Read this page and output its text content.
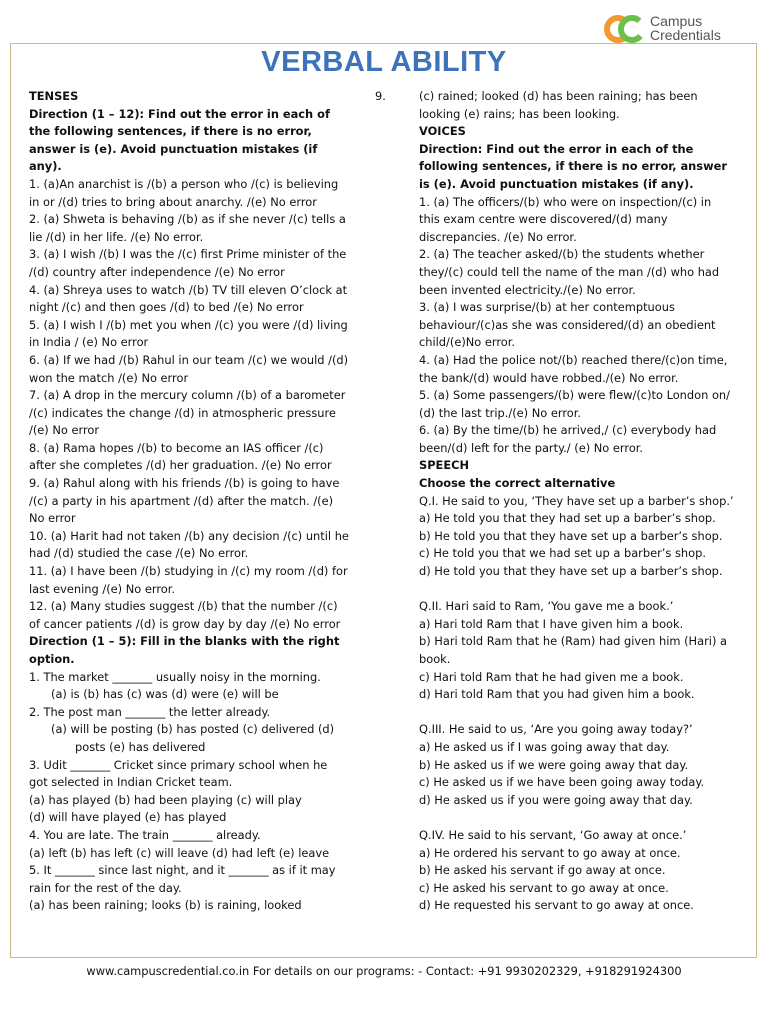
Campus
Credentials
VERBAL ABILITY

TENSES

Direction (1 – 12): Find out the error in each of the following sentences, if there is no error, answer is (e). Avoid punctuation mistakes (if any).

1. (a)An anarchist is /(b) a person who /(c) is believing in or /(d) tries to bring about anarchy. /(e) No error

2. (a) Shweta is behaving /(b) as if she never /(c) tells a lie /(d) in her life. /(e) No error.

3. (a) I wish /(b) I was the /(c) first Prime minister of the /(d) country after independence /(e) No error

4. (a) Shreya uses to watch /(b) TV till eleven O’clock at night /(c) and then goes /(d) to bed /(e) No error

5. (a) I wish I /(b) met you when /(c) you were /(d) living in India / (e) No error

6. (a) If we had /(b) Rahul in our team /(c) we would /(d) won the match /(e) No error

7. (a) A drop in the mercury column /(b) of a barometer /(c) indicates the change /(d) in atmospheric pressure /(e) No error

8. (a) Rama hopes /(b) to become an IAS officer /(c) after she completes /(d) her graduation. /(e) No error

9. (a) Rahul along with his friends /(b) is going to have /(c) a party in his apartment /(d) after the match. /(e) No error

10. (a) Harit had not taken /(b) any decision /(c) until he had /(d) studied the case /(e) No error.

11. (a) I have been /(b) studying in /(c) my room /(d) for last evening /(e) No error.

12. (a) Many studies suggest /(b) that the number /(c) of cancer patients /(d) is grow day by day /(e) No error

Direction (1 – 5): Fill in the blanks with the right option.

1. The market _______ usually noisy in the morning.

(a) is (b) has (c) was (d) were (e) will be

2. The post man _______ the letter already.

(a) will be posting (b) has posted (c) delivered (d)

posts (e) has delivered

3. Udit _______ Cricket since primary school when he got selected in Indian Cricket team.

(a) has played (b) had been playing (c) will play

(d) will have played (e) has played

4. You are late. The train _______ already.

(a) left (b) has left (c) will leave (d) had left (e) leave

5. It _______ since last night, and it _______ as if it may rain for the rest of the day.

(a) has been raining; looks (b) is raining, looked

9.	(c) rained; looked (d) has been raining; has been looking (e) rains; has been looking.

VOICES

Direction: Find out the error in each of the following sentences, if there is no error, answer is (e). Avoid punctuation mistakes (if any).

1. (a) The officers/(b) who were on inspection/(c) in this exam centre were discovered/(d) many discrepancies. /(e) No error.

2. (a) The teacher asked/(b) the students whether they/(c) could tell the name of the man /(d) who had been invented electricity./(e) No error.

3. (a) I was surprise/(b) at her contemptuous behaviour/(c)as she was considered/(d) an obedient child/(e)No error.

4. (a) Had the police not/(b) reached there/(c)on time, the bank/(d) would have robbed./(e) No error.

5. (a) Some passengers/(b) were flew/(c)to London on/ (d) the last trip./(e) No error.

6. (a) By the time/(b) he arrived,/ (c) everybody had been/(d) left for the party./ (e) No error.

SPEECH

Choose the correct alternative

Q.I. He said to you, ‘They have set up a barber’s shop.’

a) He told you that they had set up a barber’s shop.

b) He told you that they have set up a barber’s shop.

c) He told you that we had set up a barber’s shop.

d) He told you that they have set up a barber’s shop.

Q.II. Hari said to Ram, ‘You gave me a book.’

a) Hari told Ram that I have given him a book.

b) Hari told Ram that he (Ram) had given him (Hari) a book.

c) Hari told Ram that he had given me a book.

d) Hari told Ram that you had given him a book.

Q.III. He said to us, ‘Are you going away today?’

a) He asked us if I was going away that day.

b) He asked us if we were going away that day.

c) He asked us if we have been going away today.

d) He asked us if you were going away that day.

Q.IV. He said to his servant, ‘Go away at once.’

a) He ordered his servant to go away at once.

b) He asked his servant if go away at once.

c) He asked his servant to go away at once.

d) He requested his servant to go away at once.

www.campuscredential.co.in For details on our programs: - Contact: +91 9930202329, +918291924300
